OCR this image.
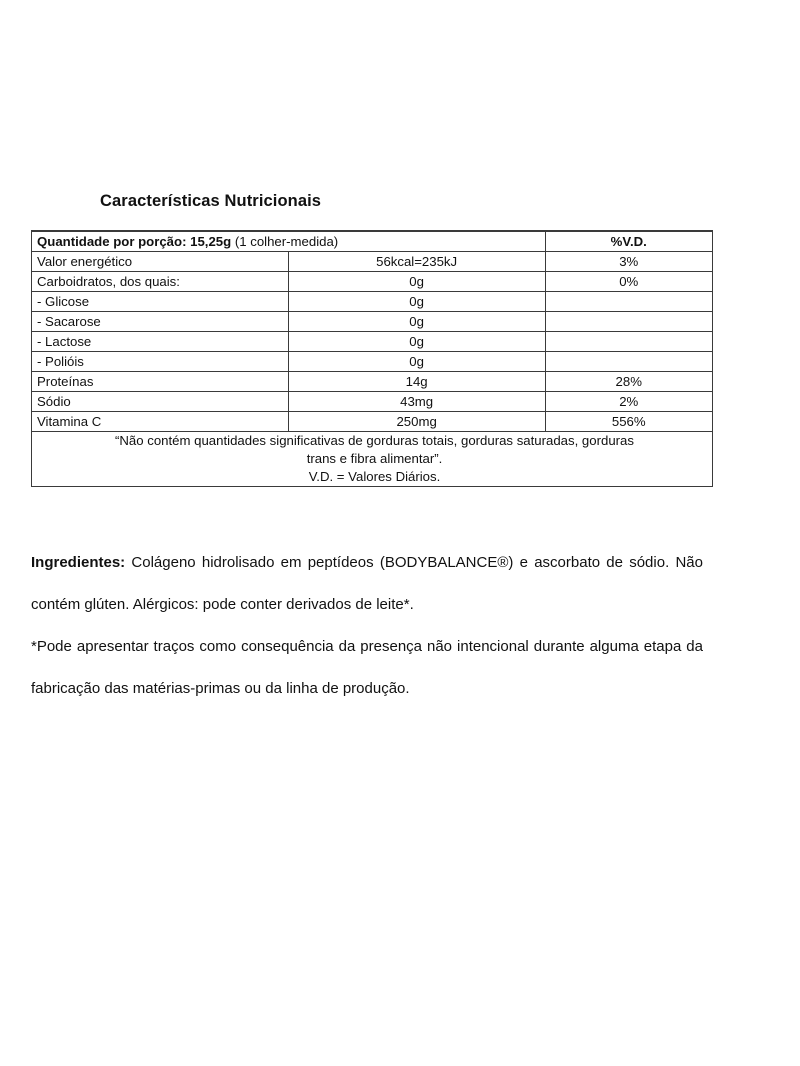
Características Nutricionais
Quantidade por porção: 15,25g (1 colher-medida)		%V.D.
Valor energético	56kcal=235kJ	3%
Carboidratos, dos quais:	0g	0%
- Glicose	0g	
- Sacarose	0g	
- Lactose	0g	
- Polióis	0g	
Proteínas	14g	28%
Sódio	43mg	2%
Vitamina C	250mg	556%

“Não contém quantidades significativas de gorduras totais, gorduras saturadas, gorduras
trans e fibra alimentar”.
V.D. = Valores Diários.		

Ingredientes: Colágeno hidrolisado em peptídeos (BODYBALANCE®) e ascorbato de sódio. Não contém glúten. Alérgicos: pode conter derivados de leite*.

*Pode apresentar traços como consequência da presença não intencional durante alguma etapa da fabricação das matérias-primas ou da linha de produção.
